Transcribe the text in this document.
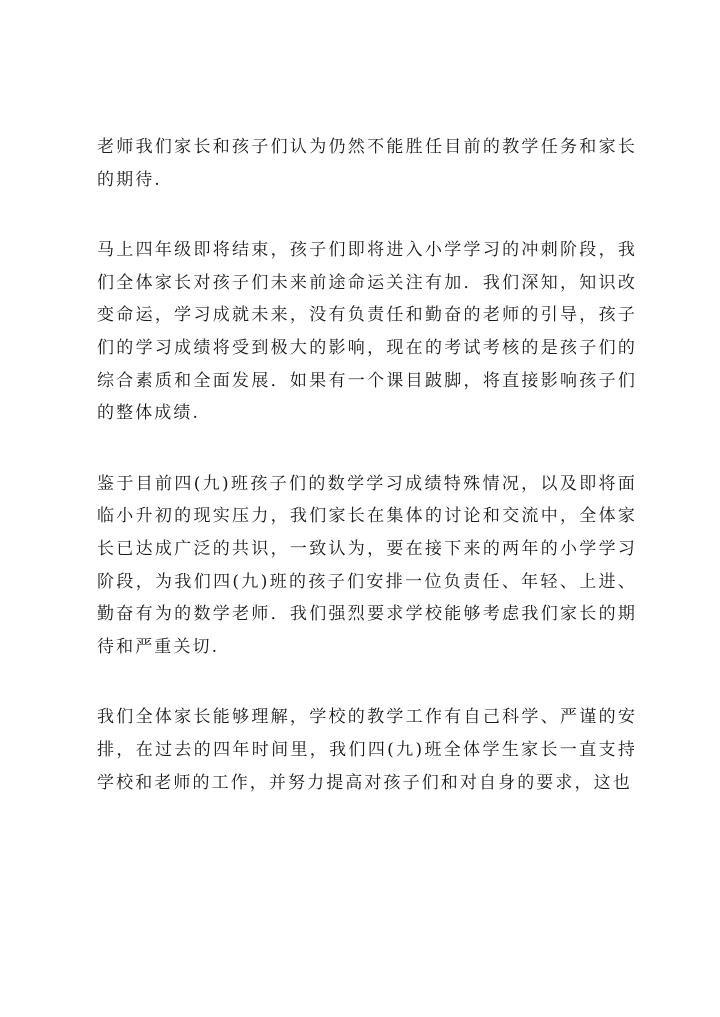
老师我们家长和孩子们认为仍然不能胜任目前的教学任务和家长的期待.

马上四年级即将结束，孩子们即将进入小学学习的冲刺阶段，我们全体家长对孩子们未来前途命运关注有加．我们深知，知识改变命运，学习成就未来，没有负责任和勤奋的老师的引导，孩子们的学习成绩将受到极大的影响，现在的考试考核的是孩子们的综合素质和全面发展．如果有一个课目跛脚，将直接影响孩子们的整体成绩.

鉴于目前四(九)班孩子们的数学学习成绩特殊情况，以及即将面临小升初的现实压力，我们家长在集体的讨论和交流中，全体家长已达成广泛的共识，一致认为，要在接下来的两年的小学学习阶段，为我们四(九)班的孩子们安排一位负责任、年轻、上进、勤奋有为的数学老师．我们强烈要求学校能够考虑我们家长的期待和严重关切.

我们全体家长能够理解，学校的教学工作有自己科学、严谨的安排，在过去的四年时间里，我们四(九)班全体学生家长一直支持学校和老师的工作，并努力提高对孩子们和对自身的要求，这也
